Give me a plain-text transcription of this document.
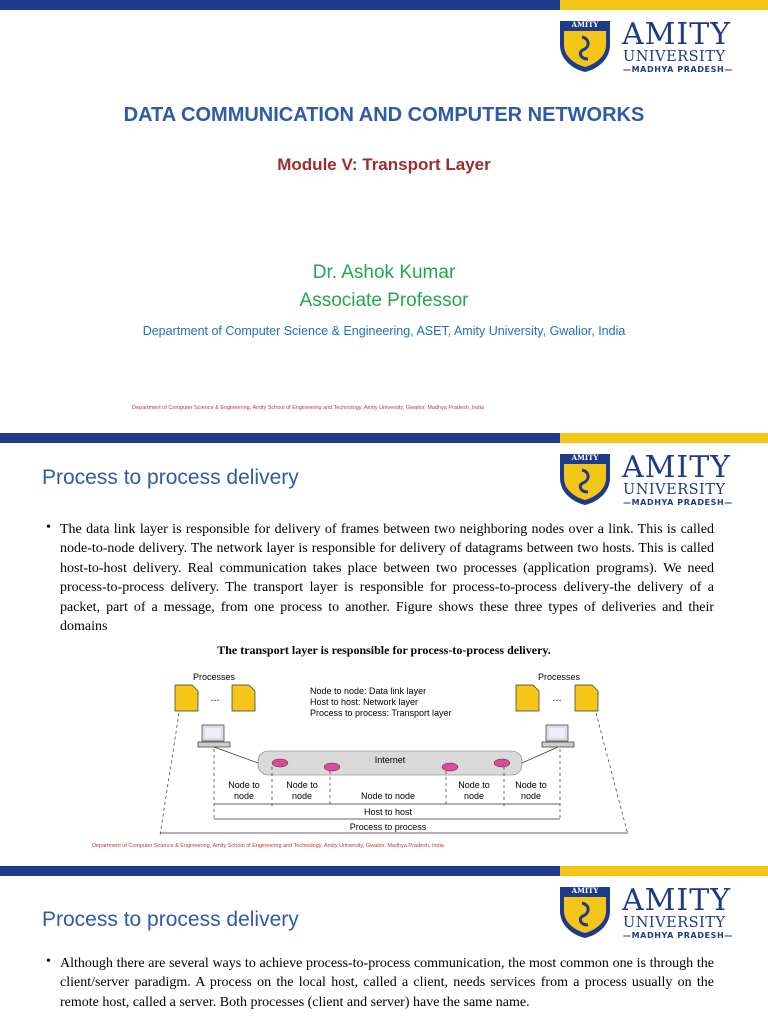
AMITY AMITY
UNIVERSITY
—MADHYA PRADESH—
DATA COMMUNICATION AND COMPUTER NETWORKS
Module V: Transport Layer
Dr. Ashok Kumar
Associate Professor
Department of Computer Science & Engineering, ASET, Amity University, Gwalior, India
Department of Computer Science & Engineering, Amity School of Engineering and Technology, Amity University, Gwalior, Madhya Pradesh, India
AMITY AMITY
UNIVERSITY
—MADHYA PRADESH—
Process to process delivery
• The data link layer is responsible for delivery of frames between two neighboring nodes over a link. This is called node-to-node delivery. The network layer is responsible for delivery of datagrams between two hosts. This is called host-to-host delivery. Real communication takes place between two processes (application programs). We need process-to-process delivery. The transport layer is responsible for process-to-process delivery-the delivery of a packet, part of a message, from one process to another. Figure shows these three types of deliveries and their domains
The transport layer is responsible for process-to-process delivery.
Processes
...
Processes
...
Node to node: Data link layer
Host to host: Network layer
Process to process: Transport layer
Internet
Node to
node
Node to
node	Node to node
Node to
node
Node to
node
Host to host
Process to process
Department of Computer Science & Engineering, Amity School of Engineering and Technology, Amity University, Gwalior, Madhya Pradesh, India
AMITY AMITY
UNIVERSITY
—MADHYA PRADESH—
Process to process delivery
• Although there are several ways to achieve process-to-process communication, the most common one is through the client/server paradigm. A process on the local host, called a client, needs services from a process usually on the remote host, called a server. Both processes (client and server) have the same name.
